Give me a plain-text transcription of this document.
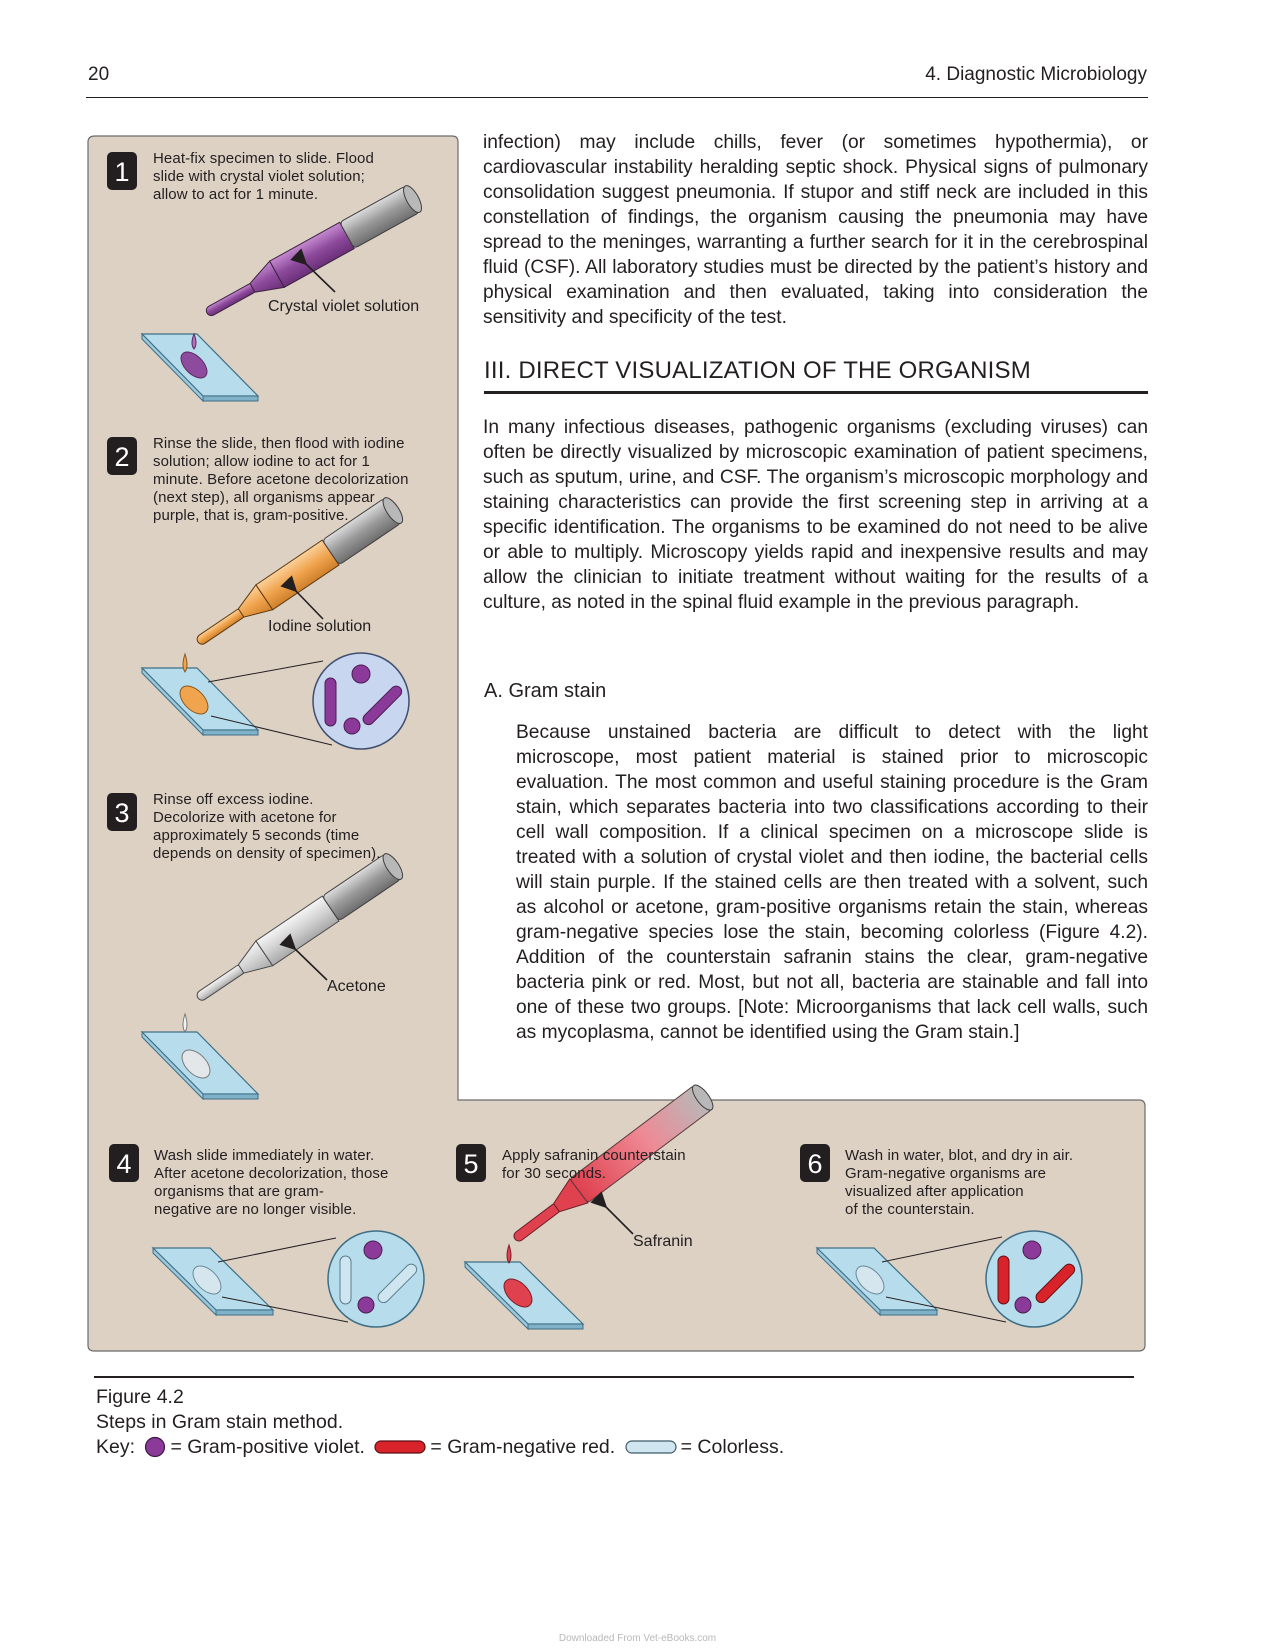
20	4. Diagnostic Microbiology
1
2
3
4	5	6
Heat-fix specimen to slide. Flood
slide with crystal violet solution;
allow to act for 1 minute.
Crystal violet solution
Rinse the slide, then flood with iodine
solution; allow iodine to act for 1
minute. Before acetone decolorization
(next step), all organisms appear
purple, that is, gram-positive.
Iodine solution
Rinse off excess iodine.
Decolorize with acetone for
approximately 5 seconds (time
depends on density of specimen).
Acetone
Wash slide immediately in water.
After acetone decolorization, those
organisms that are gram-
negative are no longer visible.
Apply safranin counterstain
for 30 seconds.
Safranin
Wash in water, blot, and dry in air.
Gram-negative organisms are
visualized after application
of the counterstain.
infection) may include chills, fever (or sometimes hypothermia), or cardiovascular instability heralding septic shock. Physical signs of pulmonary consolidation suggest pneumonia. If stupor and stiff neck are included in this constellation of findings, the organism causing the pneumonia may have spread to the meninges, warranting a further search for it in the cerebrospinal fluid (CSF). All laboratory studies must be directed by the patient’s history and physical examination and then evaluated, taking into consideration the sensitivity and specificity of the test.
III. DIRECT VISUALIZATION OF THE ORGANISM
In many infectious diseases, pathogenic organisms (excluding viruses) can often be directly visualized by microscopic examination of patient specimens, such as sputum, urine, and CSF. The organism’s microscopic morphology and staining characteristics can provide the first screening step in arriving at a specific identification. The organisms to be examined do not need to be alive or able to multiply. Microscopy yields rapid and inexpensive results and may allow the clinician to initiate treatment without waiting for the results of a culture, as noted in the spinal fluid example in the previous paragraph.
A. Gram stain
Because unstained bacteria are difficult to detect with the light microscope, most patient material is stained prior to microscopic evaluation. The most common and useful staining procedure is the Gram stain, which separates bacteria into two classifications according to their cell wall composition. If a clinical specimen on a microscope slide is treated with a solution of crystal violet and then iodine, the bacterial cells will stain purple. If the stained cells are then treated with a solvent, such as alcohol or acetone, gram-positive organisms retain the stain, whereas gram-negative species lose the stain, becoming colorless (Figure 4.2). Addition of the counterstain safranin stains the clear, gram-negative bacteria pink or red. Most, but not all, bacteria are stainable and fall into one of these two groups. [Note: Microorganisms that lack cell walls, such as mycoplasma, cannot be identified using the Gram stain.]
Figure 4.2
Steps in Gram stain method.
Key: = Gram-positive violet.	= Gram-negative red.	= Colorless.
Downloaded From Vet-eBooks.com
